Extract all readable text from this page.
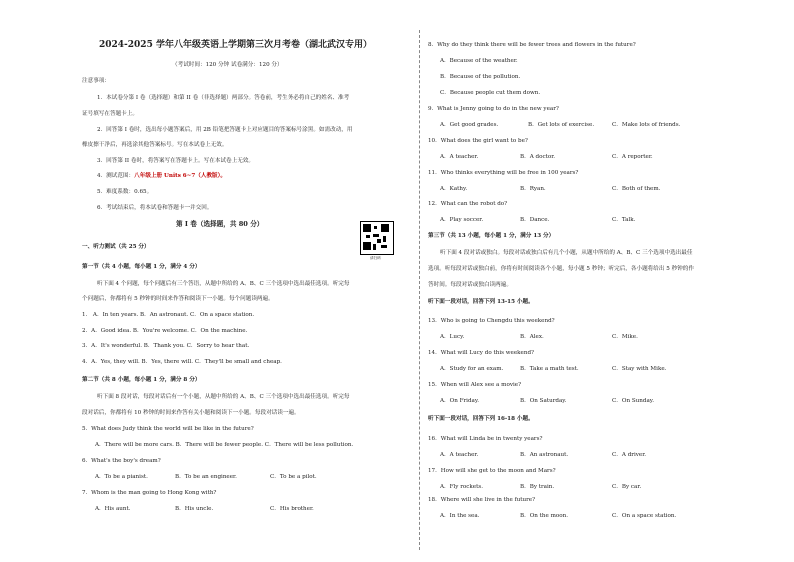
2024-2025 学年八年级英语上学期第三次月考卷（湖北武汉专用）
（考试时间：120 分钟 试卷满分：120 分）
注意事项：
1．本试卷分第 I 卷（选择题）和第 II 卷（非选择题）两部分。答卷前，考生务必将自己的姓名、准考
证号填写在答题卡上。
2．回答第 I 卷时，选出每小题答案后，用 2B 铅笔把答题卡上对应题目的答案标号涂黑。如需改动，用
橡皮擦干净后，再选涂其他答案标号。写在本试卷上无效。
3．回答第 II 卷时，将答案写在答题卡上。写在本试卷上无效。
4．测试范围：八年级上册 Units 6~7（人教版）。
5．难度系数：0.65。
6．考试结束后，将本试卷和答题卡一并交回。
第 I 卷（选择题，共 80 分）
请扫码
一、听力测试（共 25 分）
第一节（共 4 小题，每小题 1 分，满分 4 分）
听下面 4 个问题，每个问题后有三个答语，从题中所给的 A、B、C 三个选项中选出最佳选项。听完每
个问题后，你都将有 5 秒钟的时间来作答和阅读下一小题。每个问题读两遍。
1． A．In ten years. B．An astronaut. C．On a space station.
2．A．Good idea. B．You're welcome. C．On the machine.
3．A．It's wonderful. B．Thank you. C．Sorry to hear that.
4．A．Yes, they will. B．Yes, there will. C．They'll be small and cheap.
第二节（共 8 小题，每小题 1 分，满分 8 分）
听下面 8 段对话，每段对话后有一个小题，从题中所给的 A、B、C 三个选项中选出最佳选项。听完每
段对话后，你都将有 10 秒钟的时间来作答有关小题和阅读下一小题。每段对话读一遍。
5．What does Judy think the world will be like in the future?
A．There will be more cars. B．There will be fewer people. C．There will be less pollution.
6．What's the boy's dream?
A．To be a pianist.	B．To be an engineer.	C．To be a pilot.
7．Whom is the man going to Hong Kong with?
A．His aunt.	B．His uncle.	C．His brother.
8．Why do they think there will be fewer trees and flowers in the future?
A．Because of the weather.
B．Because of the pollution.
C．Because people cut them down.
9．What is Jenny going to do in the new year?
A．Get good grades.	B．Get lots of exercise.	C．Make lots of friends.
10．What does the girl want to be?
A．A teacher.	B．A doctor.	C．A reporter.
11．Who thinks everything will be free in 100 years?
A．Kathy.	B．Ryan.	C．Both of them.
12．What can the robot do?
A．Play soccer.	B．Dance.	C．Talk.
第三节（共 13 小题，每小题 1 分，满分 13 分）
听下面 4 段对话或独白。每段对话或独白后有几个小题，从题中所给的 A、B、C 三个选项中选出最佳
选项。听每段对话或独白前，你将有时间阅读各个小题，每小题 5 秒钟；听完后，各小题将给出 5 秒钟的作
答时间。每段对话或独白读两遍。
听下面一段对话，回答下列 13-15 小题。
13．Who is going to Chengdu this weekend?
A．Lucy.	B．Alex.	C．Mike.
14．What will Lucy do this weekend?
A．Study for an exam.	B．Take a math test.	C．Stay with Mike.
15．When will Alex see a movie?
A．On Friday.	B．On Saturday.	C．On Sunday.
听下面一段对话，回答下列 16-18 小题。
16．What will Linda be in twenty years?
A．A teacher.	B．An astronaut.	C．A driver.
17．How will she get to the moon and Mars?
A．Fly rockets.	B．By train.	C．By car.
18．Where will she live in the future?
A．In the sea.	B．On the moon.	C．On a space station.
